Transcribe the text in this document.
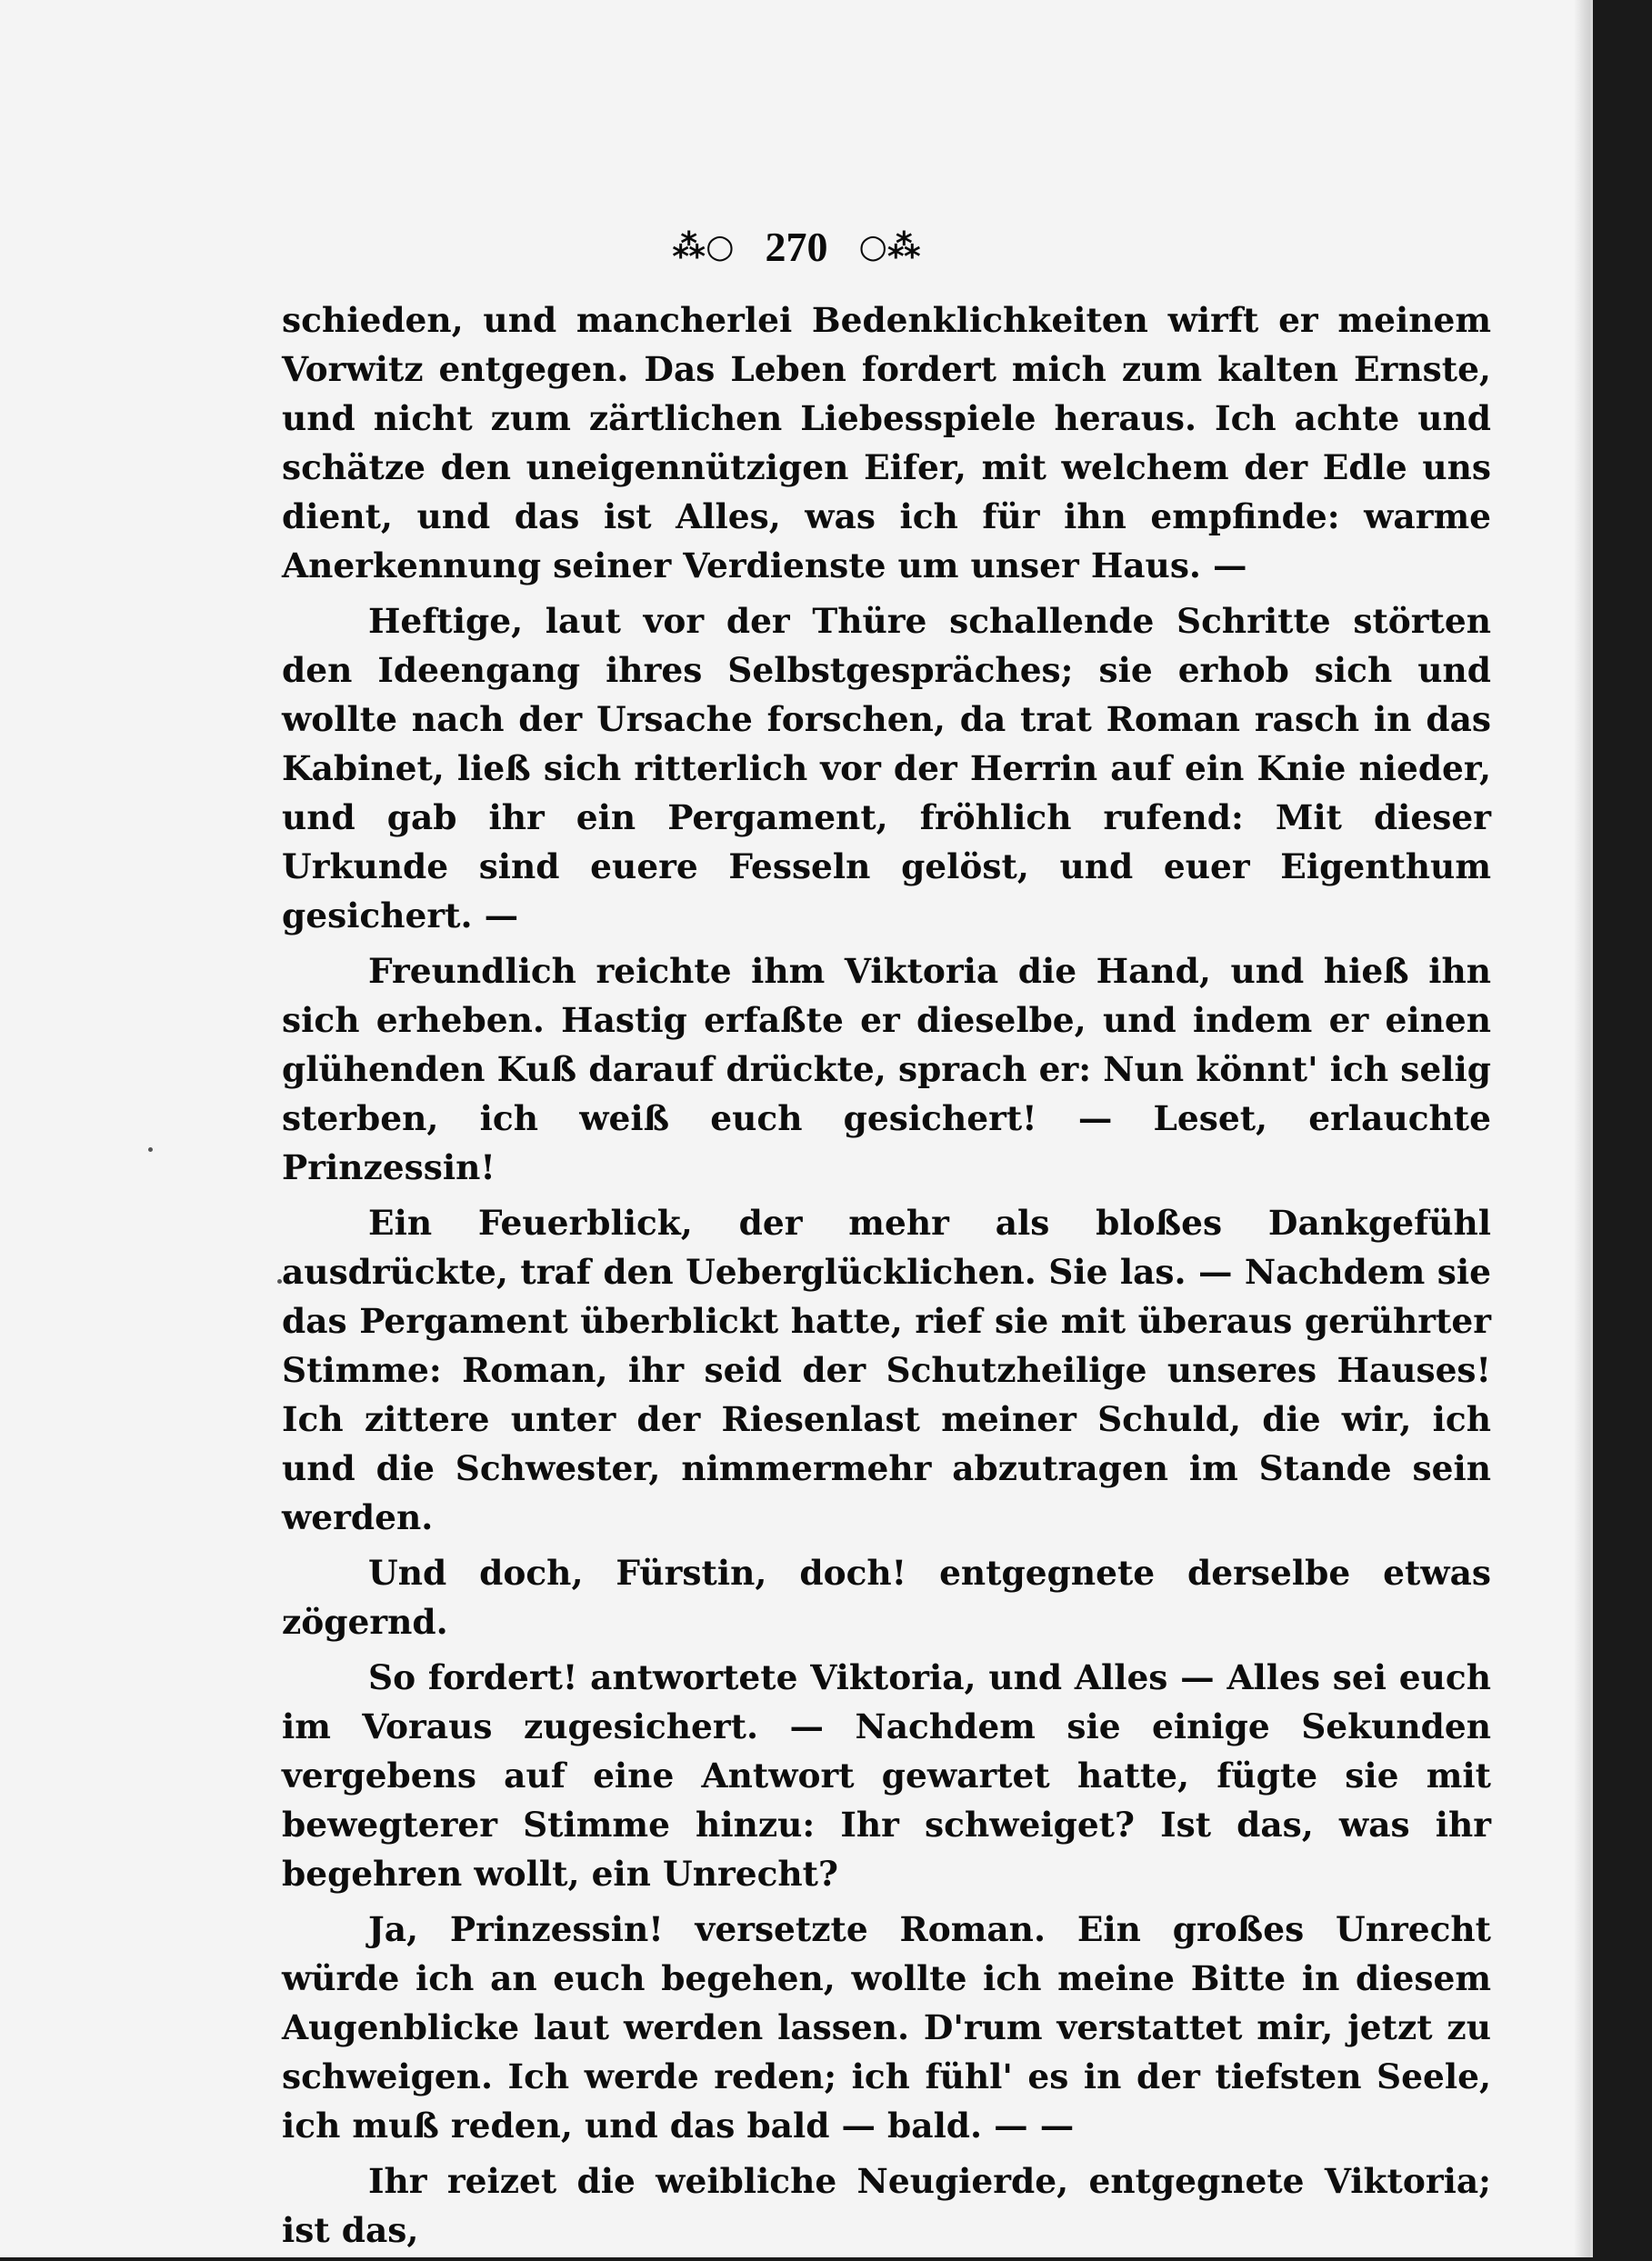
⁂○ 270 ○⁂

schieden, und mancherlei Bedenklichkeiten wirft er meinem Vorwitz entgegen. Das Leben fordert mich zum kalten Ernste, und nicht zum zärtlichen Liebesspiele heraus. Ich achte und schätze den uneigennützigen Eifer, mit welchem der Edle uns dient, und das ist Alles, was ich für ihn empfinde: warme Anerkennung seiner Verdienste um unser Haus. —

Heftige, laut vor der Thüre schallende Schritte störten den Ideengang ihres Selbstgespräches; sie erhob sich und wollte nach der Ursache forschen, da trat Roman rasch in das Kabinet, ließ sich ritterlich vor der Herrin auf ein Knie nieder, und gab ihr ein Pergament, fröhlich rufend: Mit dieser Urkunde sind euere Fesseln gelöst, und euer Eigenthum gesichert. —

Freundlich reichte ihm Viktoria die Hand, und hieß ihn sich erheben. Hastig erfaßte er dieselbe, und indem er einen glühenden Kuß darauf drückte, sprach er: Nun könnt' ich selig sterben, ich weiß euch gesichert! — Leset, erlauchte Prinzessin!

Ein Feuerblick, der mehr als bloßes Dankgefühl ausdrückte, traf den Ueberglücklichen. Sie las. — Nachdem sie das Pergament überblickt hatte, rief sie mit überaus gerührter Stimme: Roman, ihr seid der Schutzheilige unseres Hauses! Ich zittere unter der Riesenlast meiner Schuld, die wir, ich und die Schwester, nimmermehr abzutragen im Stande sein werden.

Und doch, Fürstin, doch! entgegnete derselbe etwas zögernd.

So fordert! antwortete Viktoria, und Alles — Alles sei euch im Voraus zugesichert. — Nachdem sie einige Sekunden vergebens auf eine Antwort gewartet hatte, fügte sie mit bewegterer Stimme hinzu: Ihr schweiget? Ist das, was ihr begehren wollt, ein Unrecht?

Ja, Prinzessin! versetzte Roman. Ein großes Unrecht würde ich an euch begehen, wollte ich meine Bitte in diesem Augenblicke laut werden lassen. D'rum verstattet mir, jetzt zu schweigen. Ich werde reden; ich fühl' es in der tiefsten Seele, ich muß reden, und das bald — bald. — —

Ihr reizet die weibliche Neugierde, entgegnete Viktoria; ist das,
